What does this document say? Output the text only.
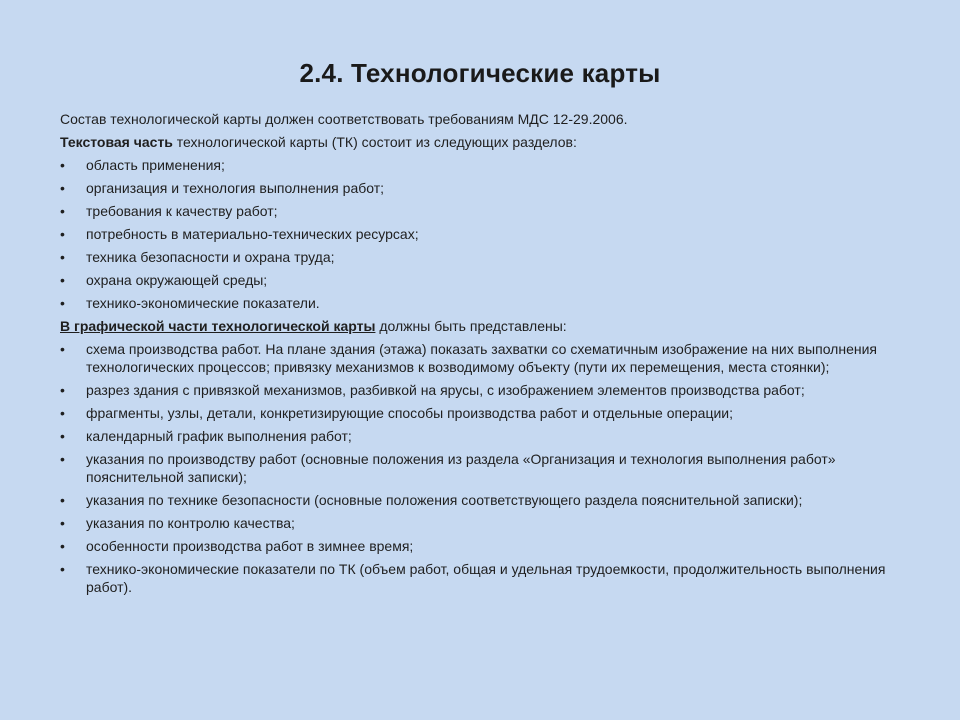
2.4. Технологические карты

Состав технологической карты должен соответствовать требованиям МДС 12-29.2006.

Текстовая часть технологической карты (ТК) состоит из следующих разделов:

•	область применения;
•	организация и технология выполнения работ;
•	требования к качеству работ;
•	потребность в материально-технических ресурсах;
•	техника безопасности и охрана труда;
•	охрана окружающей среды;
•	технико-экономические показатели.

В графической части технологической карты должны быть представлены:

•	схема производства работ. На плане здания (этажа) показать захватки со схематичным изображение на них выполнения технологических процессов; привязку механизмов к возводимому объекту (пути их перемещения, места стоянки);
•	разрез здания с привязкой механизмов, разбивкой на ярусы, с изображением элементов производства работ;
•	фрагменты, узлы, детали, конкретизирующие способы производства работ и отдельные операции;
•	календарный график выполнения работ;
•	указания по производству работ (основные положения из раздела «Организация и технология выполнения работ» пояснительной записки);
•	указания по технике безопасности (основные положения соответствующего раздела пояснительной записки);
•	указания по контролю качества;
•	особенности производства работ в зимнее время;
•	технико-экономические показатели по ТК (объем работ, общая и удельная трудоемкости, продолжительность выполнения работ).
